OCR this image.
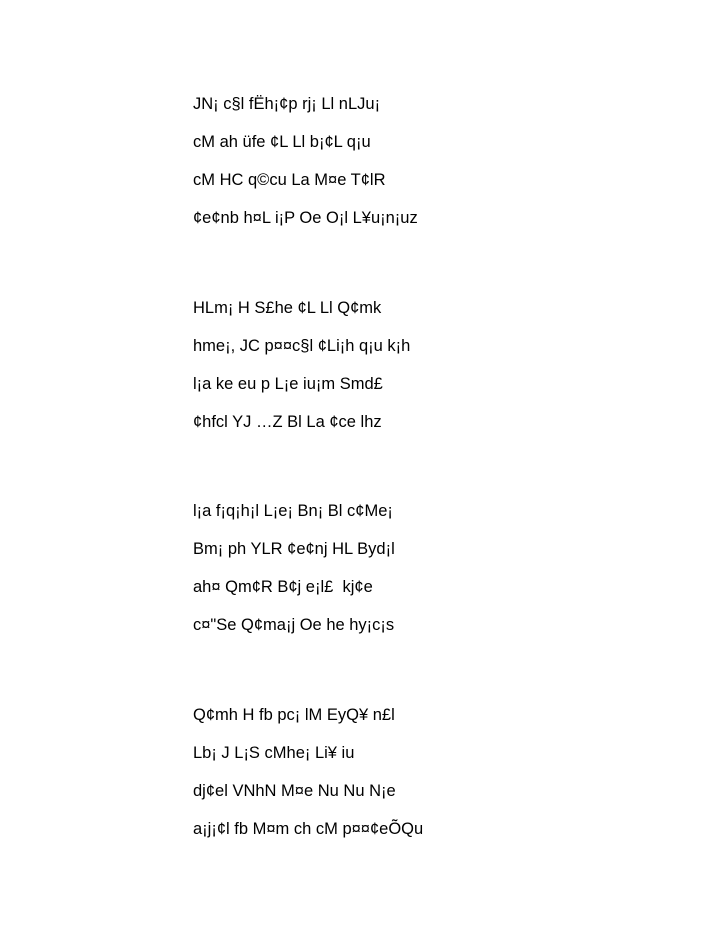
JN¡ c§l fËh¡¢p rj¡ Ll nLJu¡
cM ah üfe ¢L Ll b¡¢L q¡u
cM HC q©cu La M¤e T¢lR
¢e¢nb h¤L i¡P Oe O¡l L¥u¡n¡uz
HLm¡ H S£he ¢L Ll Q¢mk
hme¡, JC p¤¤c§l ¢Li¡h q¡u k¡h
l¡a ke eu p L¡e iu¡m Smd£
¢hfcl YJ …Z Bl La ¢ce lhz
l¡a f¡q¡h¡l L¡e¡ Bn¡ Bl c¢Me¡
Bm¡ ph YLR ¢e¢nj HL Byd¡l
ah¤ Qm¢R B¢j e¡l£  kj¢e
c¤"Se Q¢ma¡j Oe he hy¡c¡s
Q¢mh H fb pc¡ lM EyQ¥ n£l
Lb¡ J L¡S cMhe¡ Li¥ iu
dj¢el VNhN M¤e Nu Nu N¡e
a¡j¡¢l fb M¤m ch cM p¤¤¢eÕQu
